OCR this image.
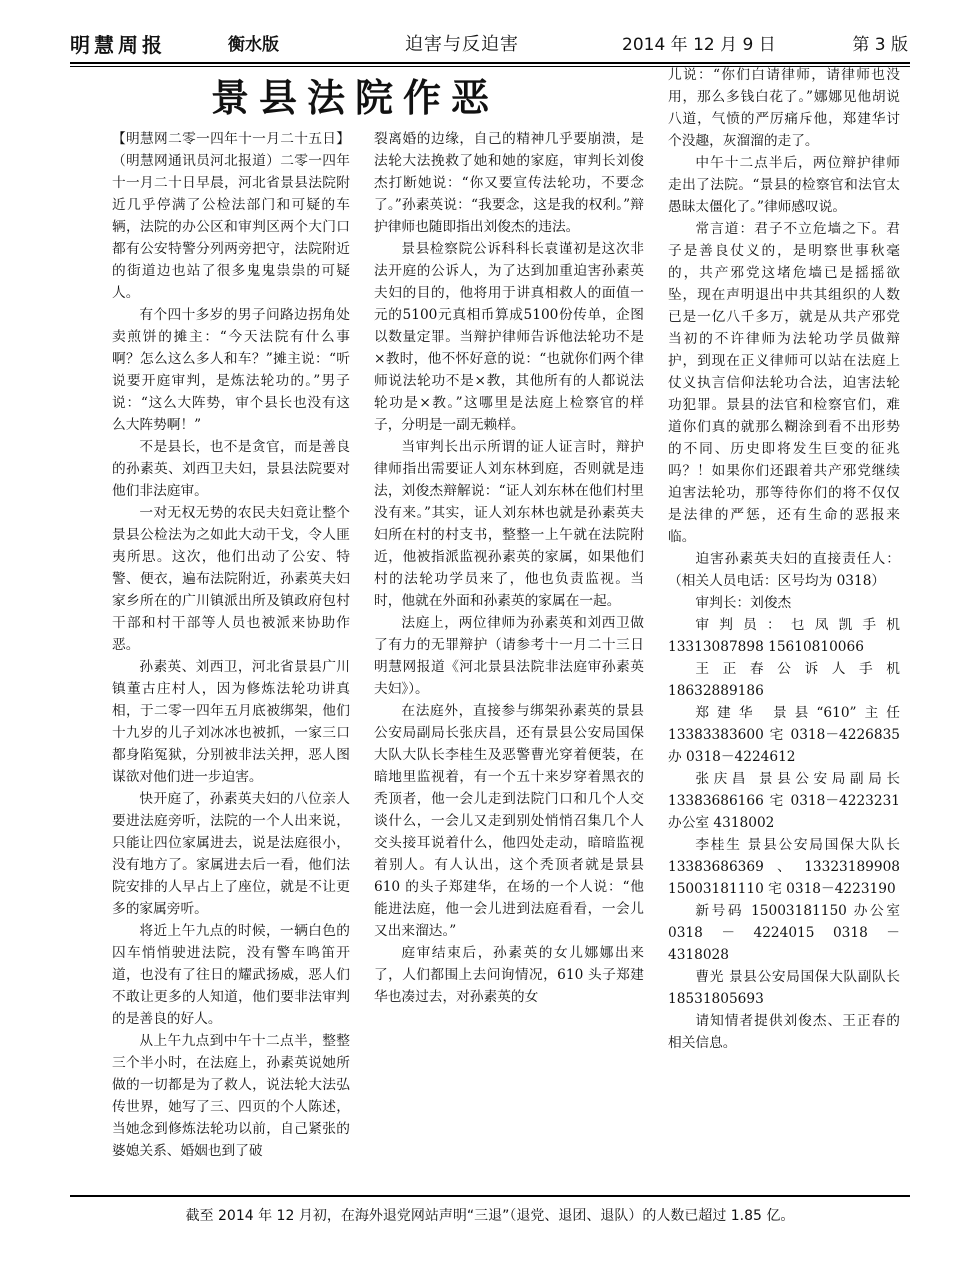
明慧周报	衡水版	迫害与反迫害	2014 年 12 月 9 日	第 3 版
景县法院作恶

【明慧网二零一四年十一月二十五日】（明慧网通讯员河北报道）二零一四年十一月二十日早晨，河北省景县法院附近几乎停满了公检法部门和可疑的车辆，法院的办公区和审判区两个大门口都有公安特警分列两旁把守，法院附近的街道边也站了很多鬼鬼祟祟的可疑人。

有个四十多岁的男子问路边拐角处卖煎饼的摊主：“今天法院有什么事啊？怎么这么多人和车？”摊主说：“听说要开庭审判，是炼法轮功的。”男子说：“这么大阵势，审个县长也没有这么大阵势啊！”

不是县长，也不是贪官，而是善良的孙素英、刘西卫夫妇，景县法院要对他们非法庭审。

一对无权无势的农民夫妇竟让整个景县公检法为之如此大动干戈，令人匪夷所思。这次，他们出动了公安、特警、便衣，遍布法院附近，孙素英夫妇家乡所在的广川镇派出所及镇政府包村干部和村干部等人员也被派来协助作恶。

孙素英、刘西卫，河北省景县广川镇董古庄村人，因为修炼法轮功讲真相，于二零一四年五月底被绑架，他们十九岁的儿子刘冰冰也被抓，一家三口都身陷冤狱，分别被非法关押，恶人图谋欲对他们进一步迫害。

快开庭了，孙素英夫妇的八位亲人要进法庭旁听，法院的一个人出来说，只能让四位家属进去，说是法庭很小，没有地方了。家属进去后一看，他们法院安排的人早占上了座位，就是不让更多的家属旁听。

将近上午九点的时候，一辆白色的囚车悄悄驶进法院，没有警车鸣笛开道，也没有了往日的耀武扬威，恶人们不敢让更多的人知道，他们要非法审判的是善良的好人。

从上午九点到中午十二点半，整整三个半小时，在法庭上，孙素英说她所做的一切都是为了救人，说法轮大法弘传世界，她写了三、四页的个人陈述，当她念到修炼法轮功以前，自己紧张的婆媳关系、婚姻也到了破

裂离婚的边缘，自己的精神几乎要崩溃，是法轮大法挽救了她和她的家庭，审判长刘俊杰打断她说：“你又要宣传法轮功，不要念了。”孙素英说：“我要念，这是我的权利。”辩护律师也随即指出刘俊杰的违法。

景县检察院公诉科科长袁谨初是这次非法开庭的公诉人，为了达到加重迫害孙素英夫妇的目的，他将用于讲真相救人的面值一元的5100元真相币算成5100份传单，企图以数量定罪。当辩护律师告诉他法轮功不是×教时，他不怀好意的说：“也就你们两个律师说法轮功不是×教，其他所有的人都说法轮功是×教。”这哪里是法庭上检察官的样子，分明是一副无赖样。

当审判长出示所谓的证人证言时，辩护律师指出需要证人刘东林到庭，否则就是违法，刘俊杰辩解说：“证人刘东林在他们村里没有来。”其实，证人刘东林也就是孙素英夫妇所在村的村支书，整整一上午就在法院附近，他被指派监视孙素英的家属，如果他们村的法轮功学员来了，他也负责监视。当时，他就在外面和孙素英的家属在一起。

法庭上，两位律师为孙素英和刘西卫做了有力的无罪辩护（请参考十一月二十三日明慧网报道《河北景县法院非法庭审孙素英夫妇》）。

在法庭外，直接参与绑架孙素英的景县公安局副局长张庆昌，还有景县公安局国保大队大队长李桂生及恶警曹光穿着便装，在暗地里监视着，有一个五十来岁穿着黑衣的秃顶者，他一会儿走到法院门口和几个人交谈什么，一会儿又走到别处悄悄召集几个人交头接耳说着什么，他四处走动，暗暗监视着别人。有人认出，这个秃顶者就是景县 610 的头子郑建华，在场的一个人说：“他能进法庭，他一会儿进到法庭看看，一会儿又出来溜达。”

庭审结束后，孙素英的女儿娜娜出来了，人们都围上去问询情况，610 头子郑建华也凑过去，对孙素英的女

儿说：“你们白请律师，请律师也没用，那么多钱白花了。”娜娜见他胡说八道，气愤的严厉痛斥他，郑建华讨个没趣，灰溜溜的走了。

中午十二点半后，两位辩护律师走出了法院。“景县的检察官和法官太愚昧太僵化了。”律师感叹说。

常言道：君子不立危墙之下。君子是善良仗义的，是明察世事秋毫的，共产邪党这堵危墙已是摇摇欲坠，现在声明退出中共其组织的人数已是一亿八千多万，就是从共产邪党当初的不许律师为法轮功学员做辩护，到现在正义律师可以站在法庭上仗义执言信仰法轮功合法，迫害法轮功犯罪。景县的法官和检察官们，难道你们真的就那么糊涂到看不出形势的不同、历史即将发生巨变的征兆吗？！如果你们还跟着共产邪党继续迫害法轮功，那等待你们的将不仅仅是法律的严惩，还有生命的恶报来临。

迫害孙素英夫妇的直接责任人：（相关人员电话：区号均为 0318）

审判长：刘俊杰

审判员：乜凤凯手机 13313087898 15610810066

王正春公诉人手机 18632889186

郑建华 景县“610”主任 13383383600 宅 0318－4226835 办 0318－4224612

张庆昌 景县公安局副局长 13383686166 宅 0318－4223231 办公室 4318002

李桂生 景县公安局国保大队长 13383686369、13323189908 15003181110 宅 0318－4223190

新号码 15003181150 办公室 0318 － 4224015 0318 － 4318028

曹光 景县公安局国保大队副队长 18531805693

请知情者提供刘俊杰、王正春的相关信息。

截至 2014 年 12 月初，在海外退党网站声明“三退”（退党、退团、退队）的人数已超过 1.85 亿。
